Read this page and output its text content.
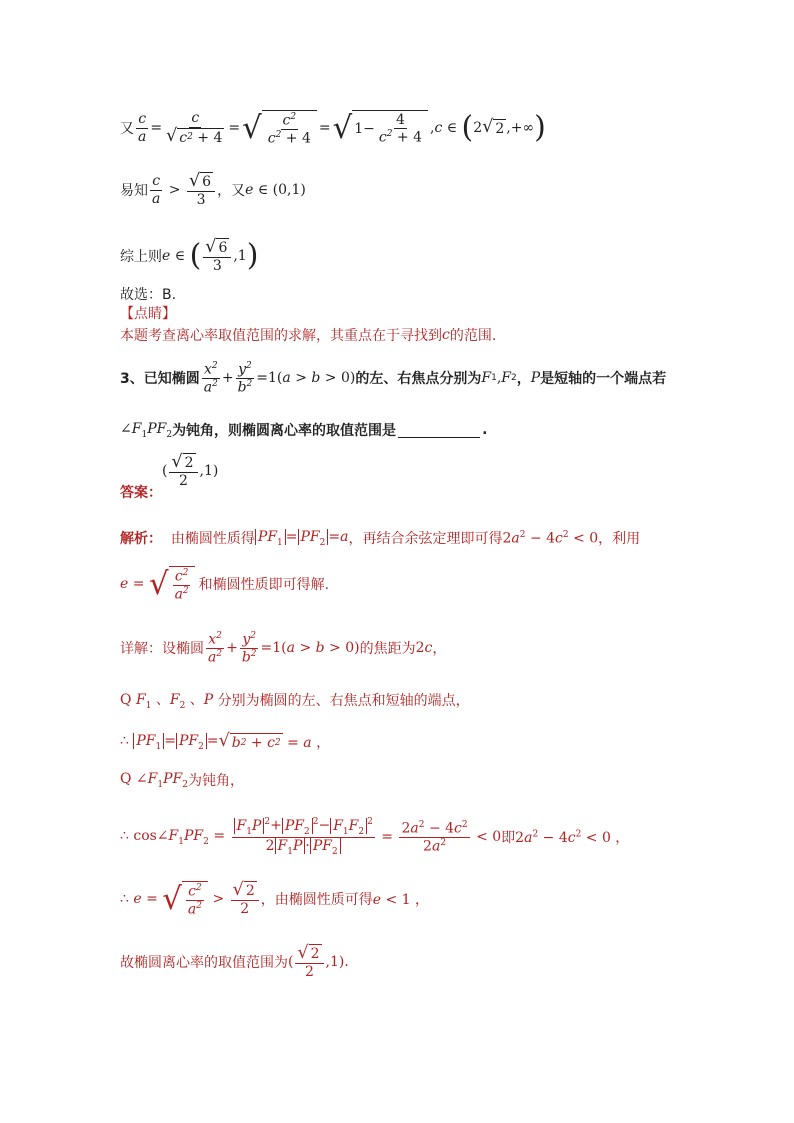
又 $\frac{c}{a} = \frac{c}{√ c 2 + 4}$ = √ $\frac{c^2}{c^2 + 4}$ = √ $1- \frac{4}{c^2 + 4}$ , c ∈ ( 2 √ 2 ,+∞ )
易知 $\frac{c}{a} > \frac{√ 6}{3}$ ，又 e ∈ (0,1)
综上则 e ∈ ( $\frac{√ 6}{3} ,1$ )
故选：B.
【点睛】
本题考查离心率取值范围的求解，其重点在于寻找到 c 的范围.
3、已知椭圆 $\frac{x^2}{a^2} + \frac{y^2}{b^2} =1(a > b > 0)$ 的左、右焦点分别为 F 1 , F 2 ， P 是短轴的一个端点若
$\angle F_1PF_2$ 为钝角，则椭圆离心率的取值范围是	.
答案：
( $\frac{√ 2}{2} ,1$)
解析：
由椭圆性质得 $PF_1 = PF_2 =a$ ，再结合余弦定理即可得 $2a^2 - 4c^2 < 0$ ，利用
e = √ $\frac{c^2}{a^2}$ 和椭圆性质即可得解.
详解：设椭圆 $\frac{x^2}{a^2} + \frac{y^2}{b^2} =1(a > b > 0)$ 的焦距为 2c ，
Q $F_1$ 、$F_2$ 、P 分别为椭圆的左、右焦点和短轴的端点，
∴ $PF_1 = PF_2$ = √ b 2 + c 2 = a ，
Q $\angle F_1PF_2$ 为钝角，
∴ $\cos\angle F_1PF_2 = \frac{F_1P ^2+ PF_2^2- F_1F_2^2}{2 F_1P \cdot PF_2} = \frac{2a^2 - 4c^2}{2a^2} < 0$ 即 $2a^2 - 4c^2 < 0$ ，
∴ e = √ $\frac{c^2}{a^2} > \frac{√ 2}{2}$ ，由椭圆性质可得 e < 1 ，
故椭圆离心率的取值范围为 ( $\frac{√ 2}{2} ,1$) .
